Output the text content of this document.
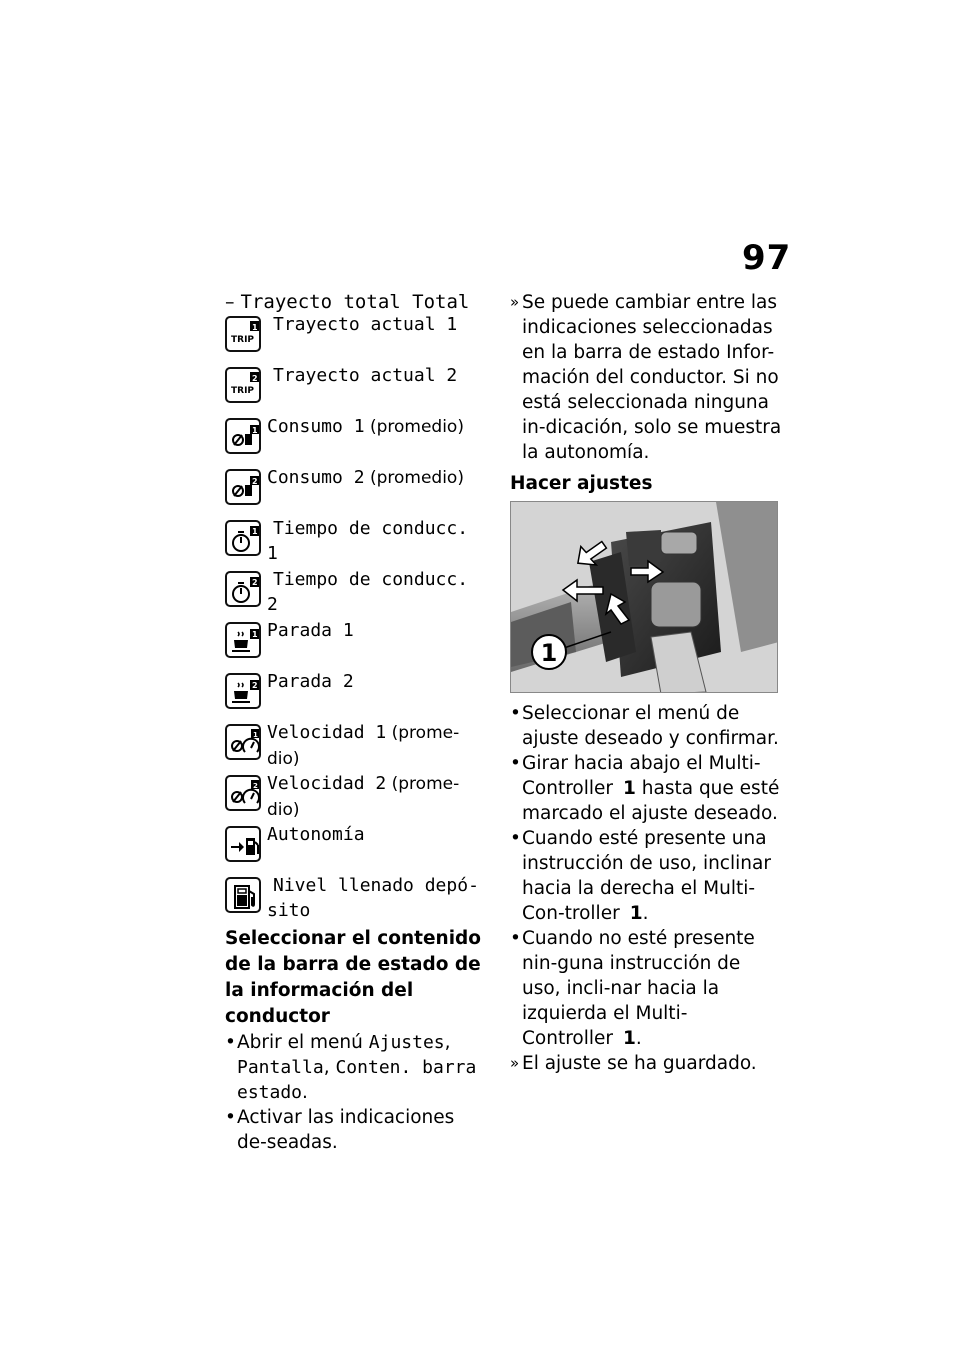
97
– Trayecto total Total
TRIP
1 Trayecto actual 1
TRIP
2 Trayecto actual 2
1 Consumo 1 (promedio)
2 Consumo 2 (promedio)
1 Tiempo de conducc. 1
2 Tiempo de conducc. 2
1 Parada 1
2 Parada 2
1 Velocidad 1 (prome-dio)
2 Velocidad 2 (prome-dio)
Autonomía
Nivel llenado depó-sito
Seleccionar el contenido de la barra de estado de la información del conductor
• Abrir el menú Ajustes, Pantalla, Conten. barra estado.
• Activar las indicaciones de-seadas.

» Se puede cambiar entre las indicaciones seleccionadas en la barra de estado Infor-mación del conductor. Si no está seleccionada ninguna in-dicación, solo se muestra la autonomía.

Hacer ajustes
1
• Seleccionar el menú de ajuste deseado y confirmar.
• Girar hacia abajo el Multi-Controller 1 hasta que esté marcado el ajuste deseado.
• Cuando esté presente una instrucción de uso, inclinar hacia la derecha el Multi-Con-troller 1.
• Cuando no esté presente nin-guna instrucción de uso, incli-nar hacia la izquierda el Multi-Controller 1.

» El ajuste se ha guardado.
